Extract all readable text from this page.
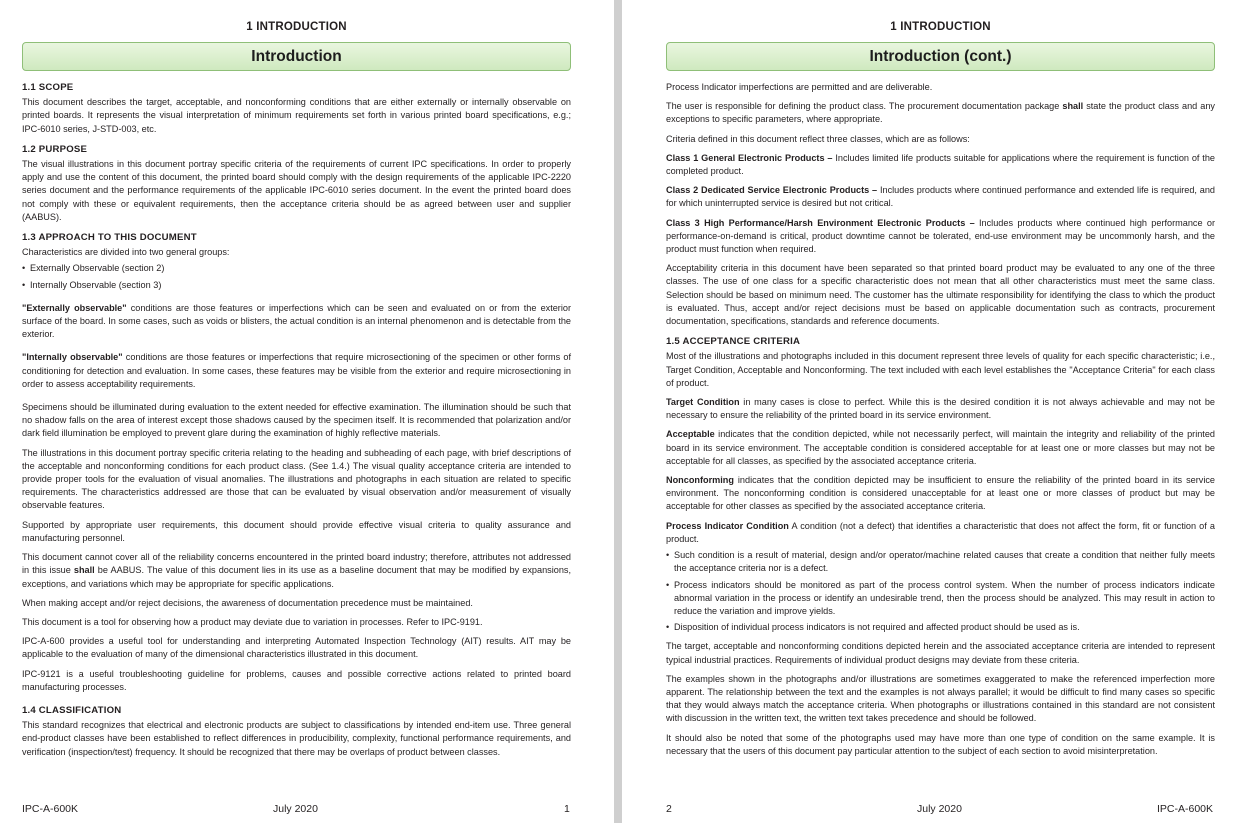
1 INTRODUCTION
Introduction
1.1 SCOPE

This document describes the target, acceptable, and nonconforming conditions that are either externally or internally observable on printed boards. It represents the visual interpretation of minimum requirements set forth in various printed board specifications, e.g.; IPC-6010 series, J-STD-003, etc.

1.2 PURPOSE

The visual illustrations in this document portray specific criteria of the requirements of current IPC specifications. In order to properly apply and use the content of this document, the printed board should comply with the design requirements of the applicable IPC-2220 series document and the performance requirements of the applicable IPC-6010 series document. In the event the printed board does not comply with these or equivalent requirements, then the acceptance criteria should be as agreed between user and supplier (AABUS).

1.3 APPROACH TO THIS DOCUMENT

Characteristics are divided into two general groups:

• Externally Observable (section 2)
• Internally Observable (section 3)

"Externally observable" conditions are those features or imperfections which can be seen and evaluated on or from the exterior surface of the board. In some cases, such as voids or blisters, the actual condition is an internal phenomenon and is detectable from the exterior.

"Internally observable" conditions are those features or imperfections that require microsectioning of the specimen or other forms of conditioning for detection and evaluation. In some cases, these features may be visible from the exterior and require microsectioning in order to assess acceptability requirements.

Specimens should be illuminated during evaluation to the extent needed for effective examination. The illumination should be such that no shadow falls on the area of interest except those shadows caused by the specimen itself. It is recommended that polarization and/or dark field illumination be employed to prevent glare during the examination of highly reflective materials.

The illustrations in this document portray specific criteria relating to the heading and subheading of each page, with brief descriptions of the acceptable and nonconforming conditions for each product class. (See 1.4.) The visual quality acceptance criteria are intended to provide proper tools for the evaluation of visual anomalies. The illustrations and photographs in each situation are related to specific requirements. The characteristics addressed are those that can be evaluated by visual observation and/or measurement of visually observable features.

Supported by appropriate user requirements, this document should provide effective visual criteria to quality assurance and manufacturing personnel.

This document cannot cover all of the reliability concerns encountered in the printed board industry; therefore, attributes not addressed in this issue shall be AABUS. The value of this document lies in its use as a baseline document that may be modified by expansions, exceptions, and variations which may be appropriate for specific applications.

When making accept and/or reject decisions, the awareness of documentation precedence must be maintained.

This document is a tool for observing how a product may deviate due to variation in processes. Refer to IPC-9191.

IPC-A-600 provides a useful tool for understanding and interpreting Automated Inspection Technology (AIT) results. AIT may be applicable to the evaluation of many of the dimensional characteristics illustrated in this document.

IPC-9121 is a useful troubleshooting guideline for problems, causes and possible corrective actions related to printed board manufacturing processes.

1.4 CLASSIFICATION

This standard recognizes that electrical and electronic products are subject to classifications by intended end-item use. Three general end-product classes have been established to reflect differences in producibility, complexity, functional performance requirements, and verification (inspection/test) frequency. It should be recognized that there may be overlaps of product between classes.

IPC-A-600K	July 2020	1
1 INTRODUCTION
Introduction (cont.)

Process Indicator imperfections are permitted and are deliverable.

The user is responsible for defining the product class. The procurement documentation package shall state the product class and any exceptions to specific parameters, where appropriate.

Criteria defined in this document reflect three classes, which are as follows:

Class 1 General Electronic Products – Includes limited life products suitable for applications where the requirement is function of the completed product.

Class 2 Dedicated Service Electronic Products – Includes products where continued performance and extended life is required, and for which uninterrupted service is desired but not critical.

Class 3 High Performance/Harsh Environment Electronic Products – Includes products where continued high performance or performance-on-demand is critical, product downtime cannot be tolerated, end-use environment may be uncommonly harsh, and the product must function when required.

Acceptability criteria in this document have been separated so that printed board product may be evaluated to any one of the three classes. The use of one class for a specific characteristic does not mean that all other characteristics must meet the same class. Selection should be based on minimum need. The customer has the ultimate responsibility for identifying the class to which the product is evaluated. Thus, accept and/or reject decisions must be based on applicable documentation such as contracts, procurement documentation, specifications, standards and reference documents.

1.5 ACCEPTANCE CRITERIA

Most of the illustrations and photographs included in this document represent three levels of quality for each specific characteristic; i.e., Target Condition, Acceptable and Nonconforming. The text included with each level establishes the "Acceptance Criteria" for each class of product.

Target Condition in many cases is close to perfect. While this is the desired condition it is not always achievable and may not be necessary to ensure the reliability of the printed board in its service environment.

Acceptable indicates that the condition depicted, while not necessarily perfect, will maintain the integrity and reliability of the printed board in its service environment. The acceptable condition is considered acceptable for at least one or more classes but may not be acceptable for all classes, as specified by the associated acceptance criteria.

Nonconforming indicates that the condition depicted may be insufficient to ensure the reliability of the printed board in its service environment. The nonconforming condition is considered unacceptable for at least one or more classes of product but may be acceptable for other classes as specified by the associated acceptance criteria.

Process Indicator Condition A condition (not a defect) that identifies a characteristic that does not affect the form, fit or function of a product.

• Such condition is a result of material, design and/or operator/machine related causes that create a condition that neither fully meets the acceptance criteria nor is a defect.
• Process indicators should be monitored as part of the process control system. When the number of process indicators indicate abnormal variation in the process or identify an undesirable trend, then the process should be analyzed. This may result in action to reduce the variation and improve yields.
• Disposition of individual process indicators is not required and affected product should be used as is.

The target, acceptable and nonconforming conditions depicted herein and the associated acceptance criteria are intended to represent typical industrial practices. Requirements of individual product designs may deviate from these criteria.

The examples shown in the photographs and/or illustrations are sometimes exaggerated to make the referenced imperfection more apparent. The relationship between the text and the examples is not always parallel; it would be difficult to find many cases so specific that they would always match the acceptance criteria. When photographs or illustrations contained in this standard are not consistent with discussion in the written text, the written text takes precedence and should be followed.

It should also be noted that some of the photographs used may have more than one type of condition on the same example. It is necessary that the users of this document pay particular attention to the subject of each section to avoid misinterpretation.

2	July 2020	IPC-A-600K
